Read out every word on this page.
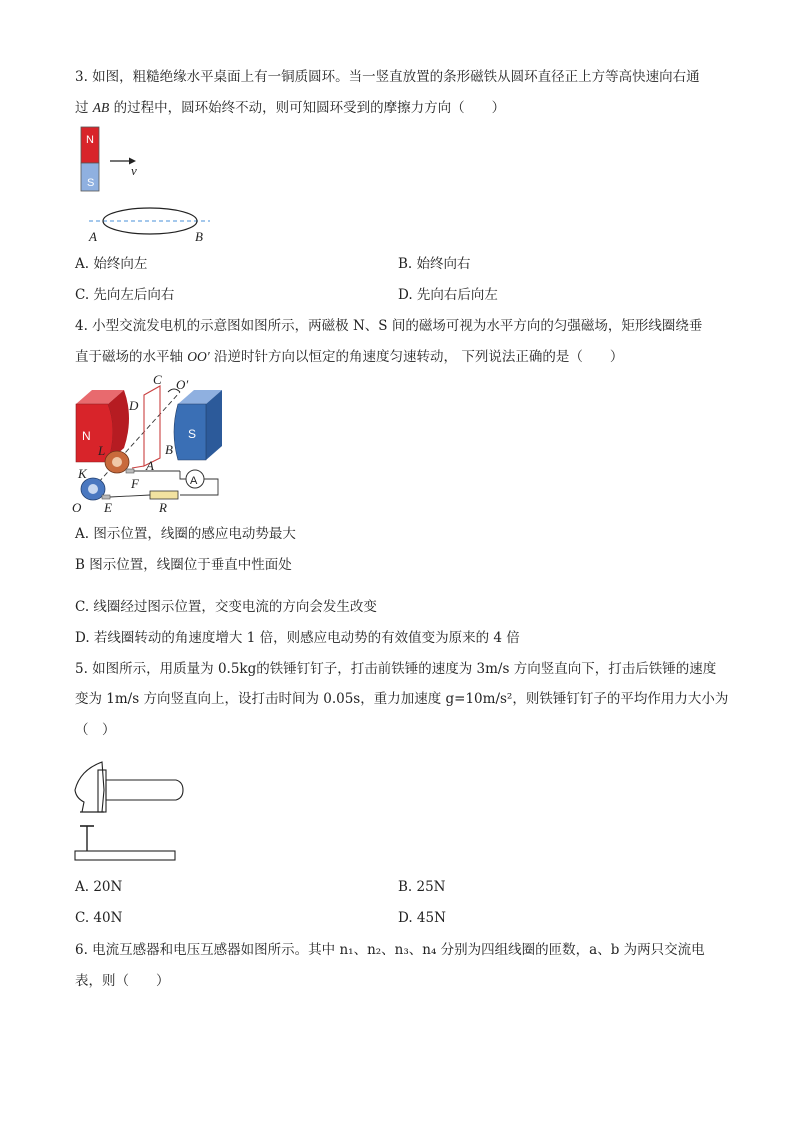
3. 如图，粗糙绝缘水平桌面上有一铜质圆环。当一竖直放置的条形磁铁从圆环直径正上方等高快速向右通
过 AB 的过程中，圆环始终不动，则可知圆环受到的摩擦力方向（　　）
N
S
v
A	B
A. 始终向左	B. 始终向右
C. 先向左后向右	D. 先向右后向左
4. 小型交流发电机的示意图如图所示，两磁极 N、S 间的磁场可视为水平方向的匀强磁场，矩形线圈绕垂
直于磁场的水平轴 OO′ 沿逆时针方向以恒定的角速度匀速转动， 下列说法正确的是（　　）
N	S
A
C O′
D
L	B
A
K
F
E	R
O
A. 图示位置，线圈的感应电动势最大
B 图示位置，线圈位于垂直中性面处
C. 线圈经过图示位置，交变电流的方向会发生改变
D. 若线圈转动的角速度增大 1 倍，则感应电动势的有效值变为原来的 4 倍
5. 如图所示，用质量为 0.5kg的铁锤钉钉子，打击前铁锤的速度为 3m/s 方向竖直向下，打击后铁锤的速度
变为 1m/s 方向竖直向上，设打击时间为 0.05s，重力加速度 g=10m/s²，则铁锤钉钉子的平均作用力大小为
（　）
A. 20N	B. 25N
C. 40N	D. 45N
6. 电流互感器和电压互感器如图所示。其中 n₁、n₂、n₃、n₄ 分别为四组线圈的匝数，a、b 为两只交流电
表，则（　　）
